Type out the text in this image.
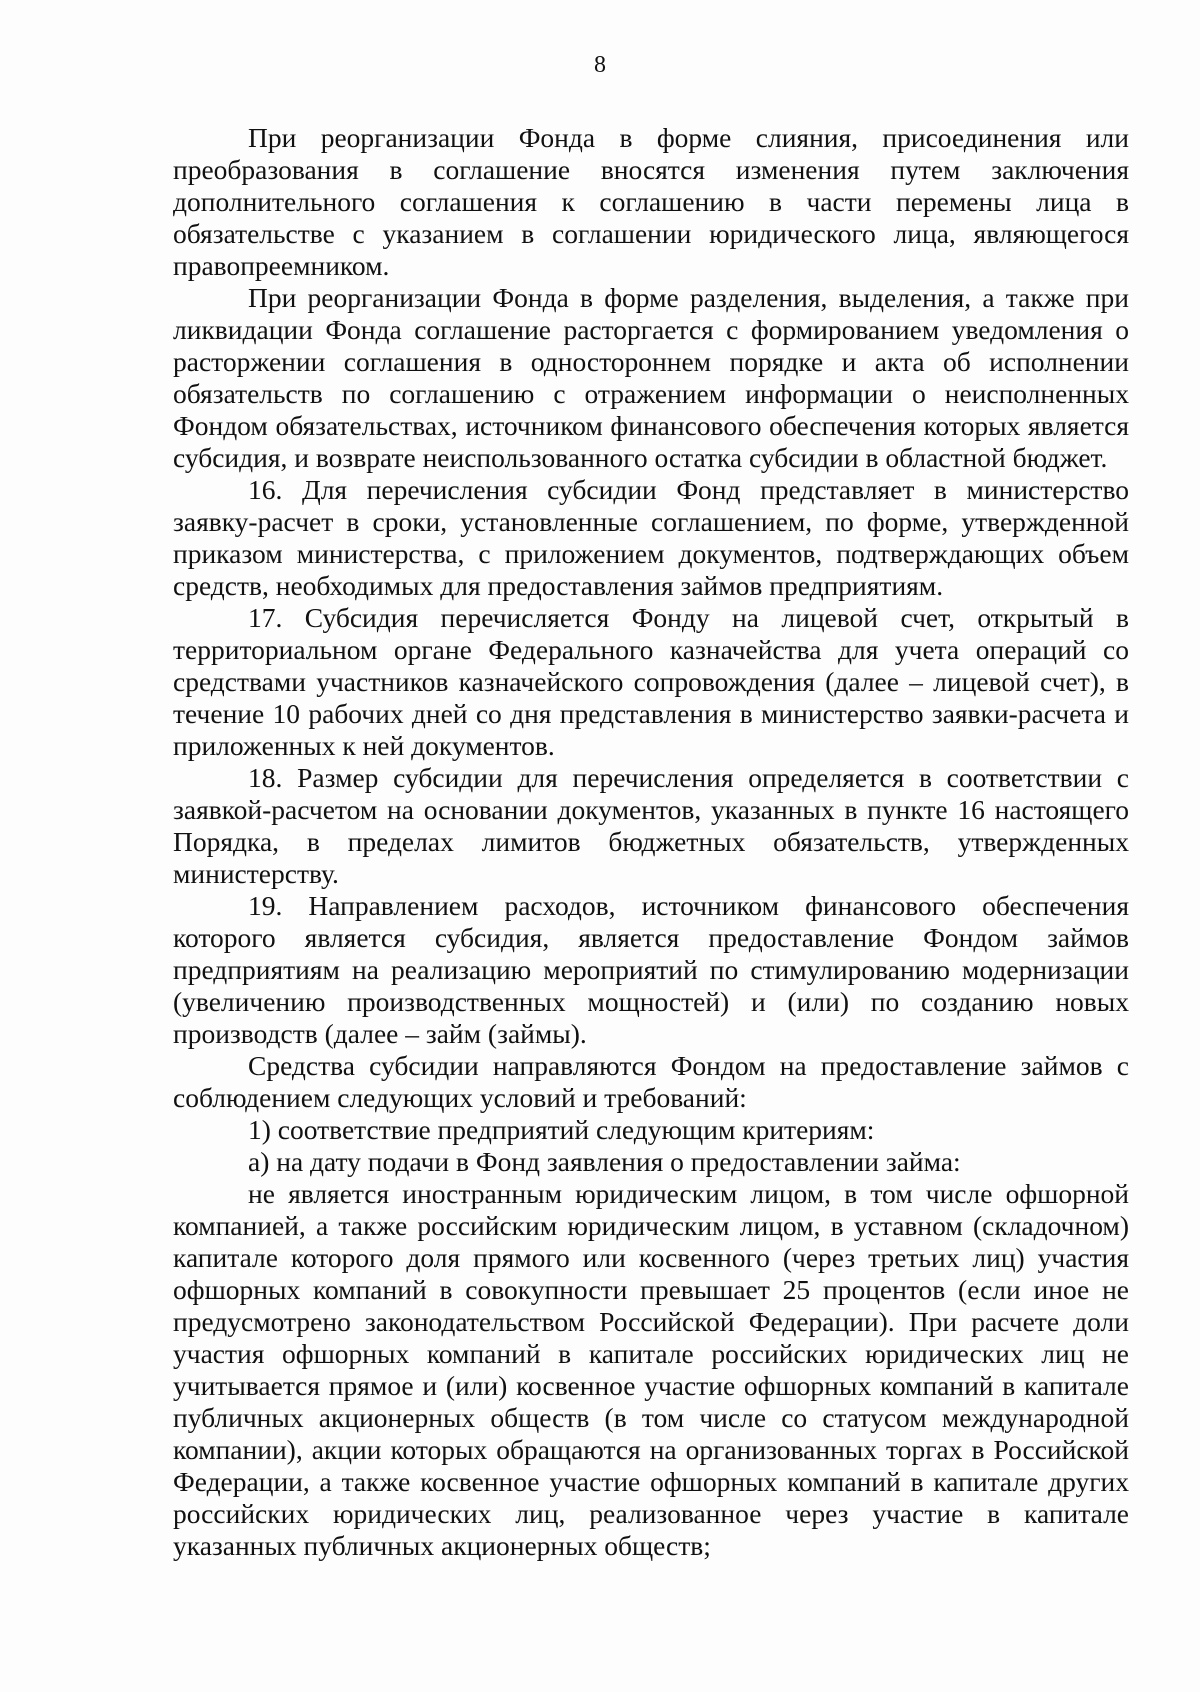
8

При реорганизации Фонда в форме слияния, присоединения или преобразования в соглашение вносятся изменения путем заключения дополнительного соглашения к соглашению в части перемены лица в обязательстве с указанием в соглашении юридического лица, являющегося правопреемником.

При реорганизации Фонда в форме разделения, выделения, а также при ликвидации Фонда соглашение расторгается с формированием уведомления о расторжении соглашения в одностороннем порядке и акта об исполнении обязательств по соглашению с отражением информации о неисполненных Фондом обязательствах, источником финансового обеспечения которых является субсидия, и возврате неиспользованного остатка субсидии в областной бюджет.

16. Для перечисления субсидии Фонд представляет в министерство заявку-расчет в сроки, установленные соглашением, по форме, утвержденной приказом министерства, с приложением документов, подтверждающих объем средств, необходимых для предоставления займов предприятиям.

17. Субсидия перечисляется Фонду на лицевой счет, открытый в территориальном органе Федерального казначейства для учета операций со средствами участников казначейского сопровождения (далее – лицевой счет), в течение 10 рабочих дней со дня представления в министерство заявки-расчета и приложенных к ней документов.

18. Размер субсидии для перечисления определяется в соответствии с заявкой-расчетом на основании документов, указанных в пункте 16 настоящего Порядка, в пределах лимитов бюджетных обязательств, утвержденных министерству.

19. Направлением расходов, источником финансового обеспечения которого является субсидия, является предоставление Фондом займов предприятиям на реализацию мероприятий по стимулированию модернизации (увеличению производственных мощностей) и (или) по созданию новых производств (далее – займ (займы).

Средства субсидии направляются Фондом на предоставление займов с соблюдением следующих условий и требований:

1) соответствие предприятий следующим критериям:

а) на дату подачи в Фонд заявления о предоставлении займа:

не является иностранным юридическим лицом, в том числе офшорной компанией, а также российским юридическим лицом, в уставном (складочном) капитале которого доля прямого или косвенного (через третьих лиц) участия офшорных компаний в совокупности превышает 25 процентов (если иное не предусмотрено законодательством Российской Федерации). При расчете доли участия офшорных компаний в капитале российских юридических лиц не учитывается прямое и (или) косвенное участие офшорных компаний в капитале публичных акционерных обществ (в том числе со статусом международной компании), акции которых обращаются на организованных торгах в Российской Федерации, а также косвенное участие офшорных компаний в капитале других российских юридических лиц, реализованное через участие в капитале указанных публичных акционерных обществ;
